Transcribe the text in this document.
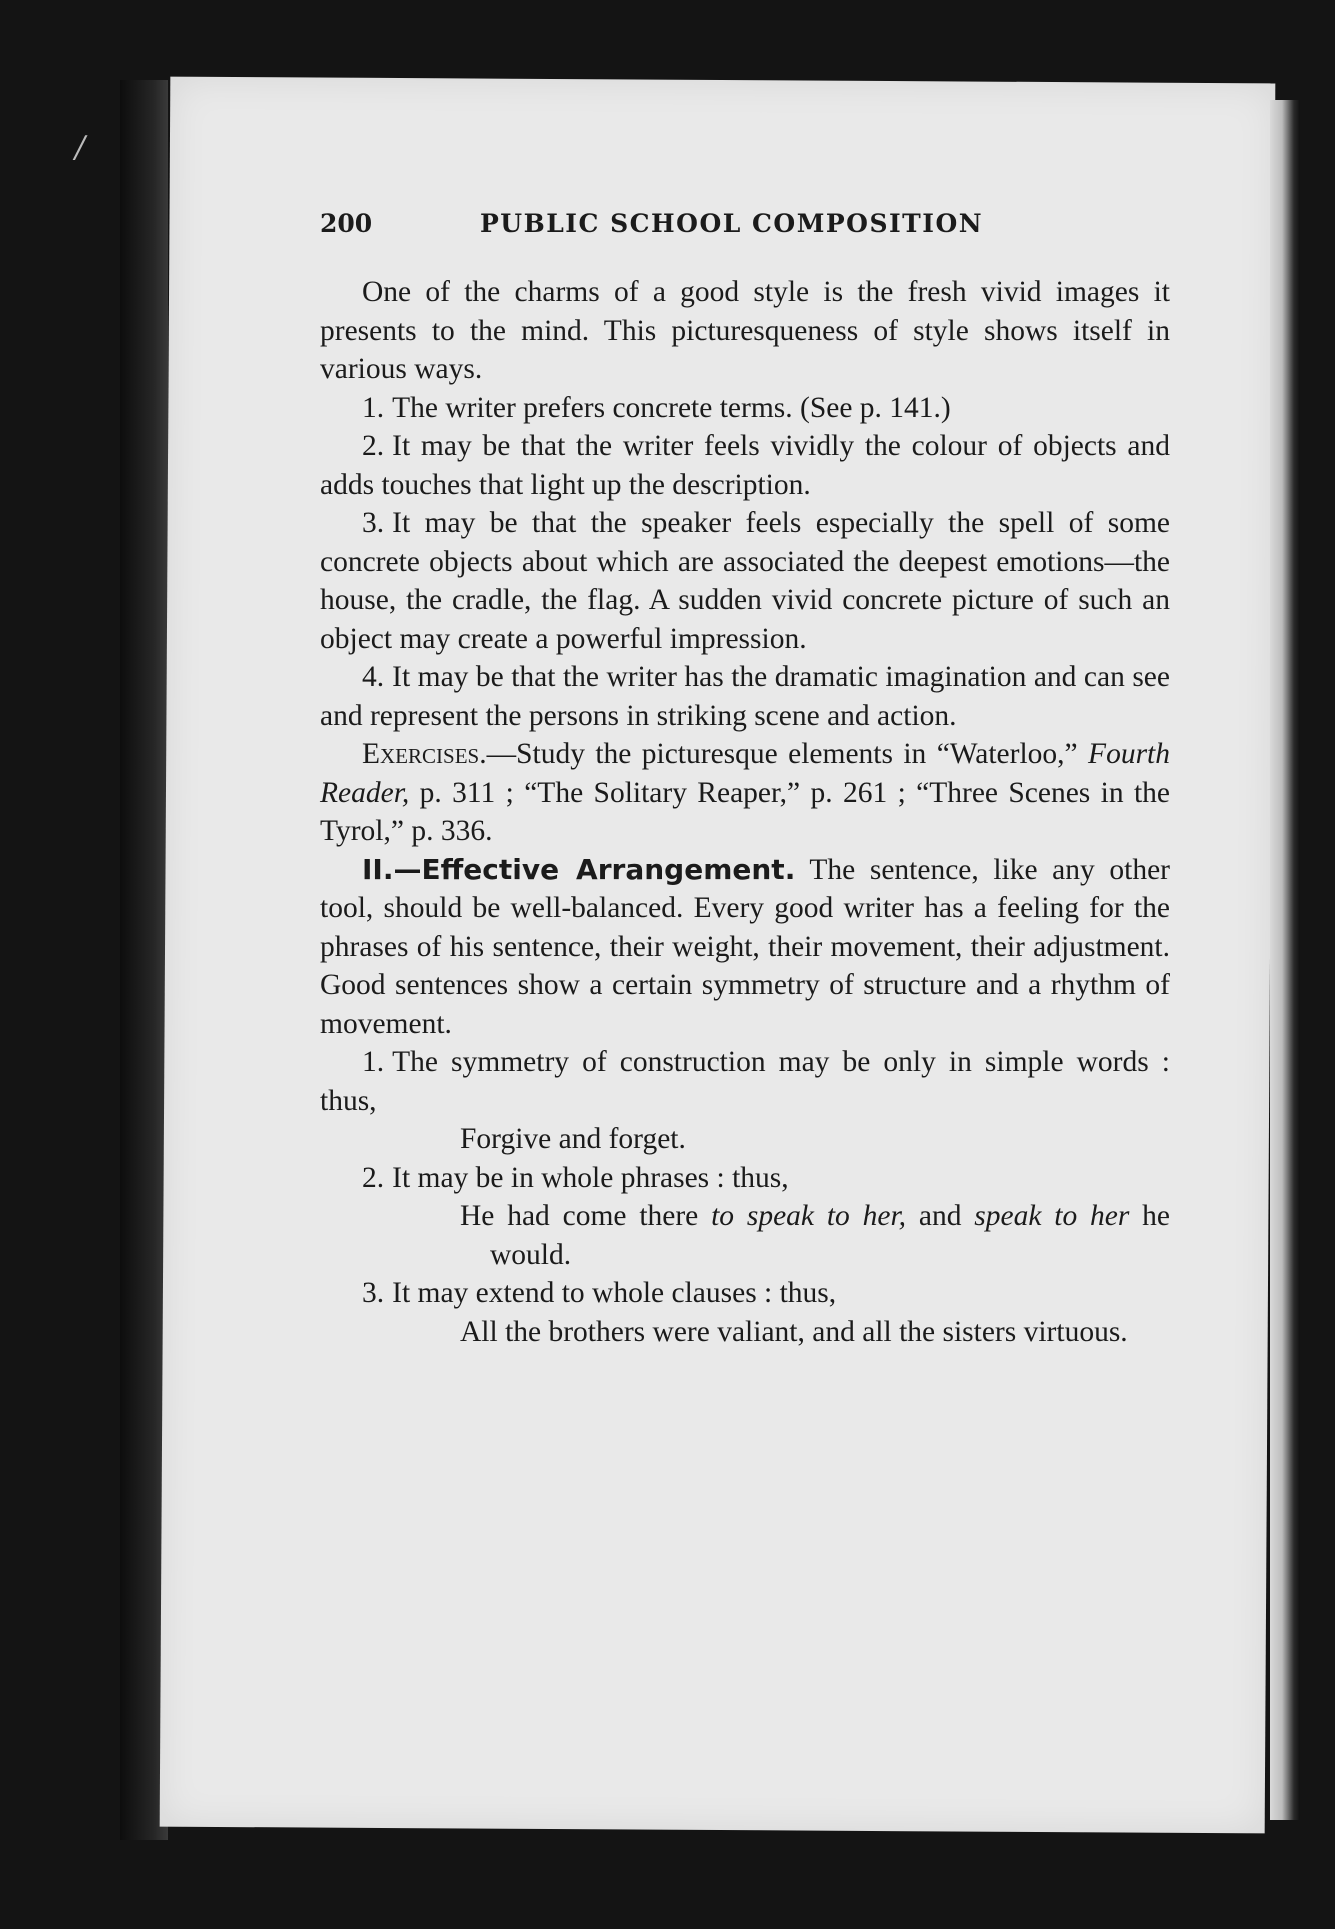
/
200	PUBLIC SCHOOL COMPOSITION

One of the charms of a good style is the fresh vivid images it presents to the mind. This picturesqueness of style shows itself in various ways.

1. The writer prefers concrete terms. (See p. 141.)

2. It may be that the writer feels vividly the colour of objects and adds touches that light up the description.

3. It may be that the speaker feels especially the spell of some concrete objects about which are associated the deepest emotions—the house, the cradle, the flag. A sudden vivid concrete picture of such an object may create a powerful impression.

4. It may be that the writer has the dramatic imagination and can see and represent the persons in striking scene and action.

Exercises.—Study the picturesque elements in “Waterloo,” Fourth Reader, p. 311 ; “The Solitary Reaper,” p. 261 ; “Three Scenes in the Tyrol,” p. 336.

II.—Effective Arrangement. The sentence, like any other tool, should be well-balanced. Every good writer has a feeling for the phrases of his sentence, their weight, their movement, their adjustment. Good sentences show a certain symmetry of structure and a rhythm of movement.

1. The symmetry of construction may be only in simple words : thus,

Forgive and forget.

2. It may be in whole phrases : thus,

He had come there to speak to her, and speak to her he would.

3. It may extend to whole clauses : thus,

All the brothers were valiant, and all the sisters virtuous.
